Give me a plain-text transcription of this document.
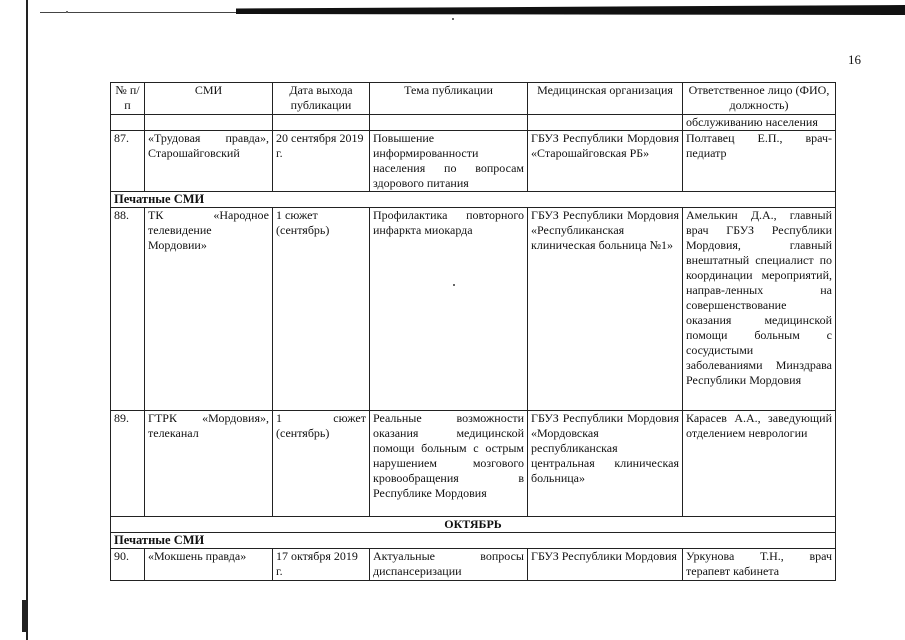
16
№ п/п	СМИ	Дата выхода публикации	Тема публикации	Медицинская организация	Ответственное лицо (ФИО, должность)
					обслуживанию населения
87.	«Трудовая правда», Старошайговский	20 сентября 2019 г.	Повышение информированности населения по вопросам здорового питания	ГБУЗ Республики Мордовия «Старошайговская РБ»	Полтавец Е.П., врач-педиатр
Печатные СМИ					
88.	ТК «Народное телевидение Мордовии»	1 сюжет (сентябрь)	Профилактика повторного инфаркта миокарда	ГБУЗ Республики Мордовия «Республиканская клиническая больница №1»	Амелькин Д.А., главный врач ГБУЗ Республики Мордовия, главный внештатный специалист по координации мероприятий, направ-ленных на совершенствование оказания медицинской помощи больным с сосудистыми заболеваниями Минздрава Республики Мордовия
89.	ГТРК «Мордовия», телеканал	1 сюжет (сентябрь)	Реальные возможности оказания медицинской помощи больным с острым нарушением мозгового кровообращения в Республике Мордовия	ГБУЗ Республики Мордовия «Мордовская республиканская центральная клиническая больница»	Карасев А.А., заведующий отделением неврологии
ОКТЯБРЬ					
Печатные СМИ					
90.	«Мокшень правда»	17 октября 2019 г.	Актуальные вопросы диспансеризации	ГБУЗ Республики Мордовия	Уркунова Т.Н., врач терапевт кабинета
